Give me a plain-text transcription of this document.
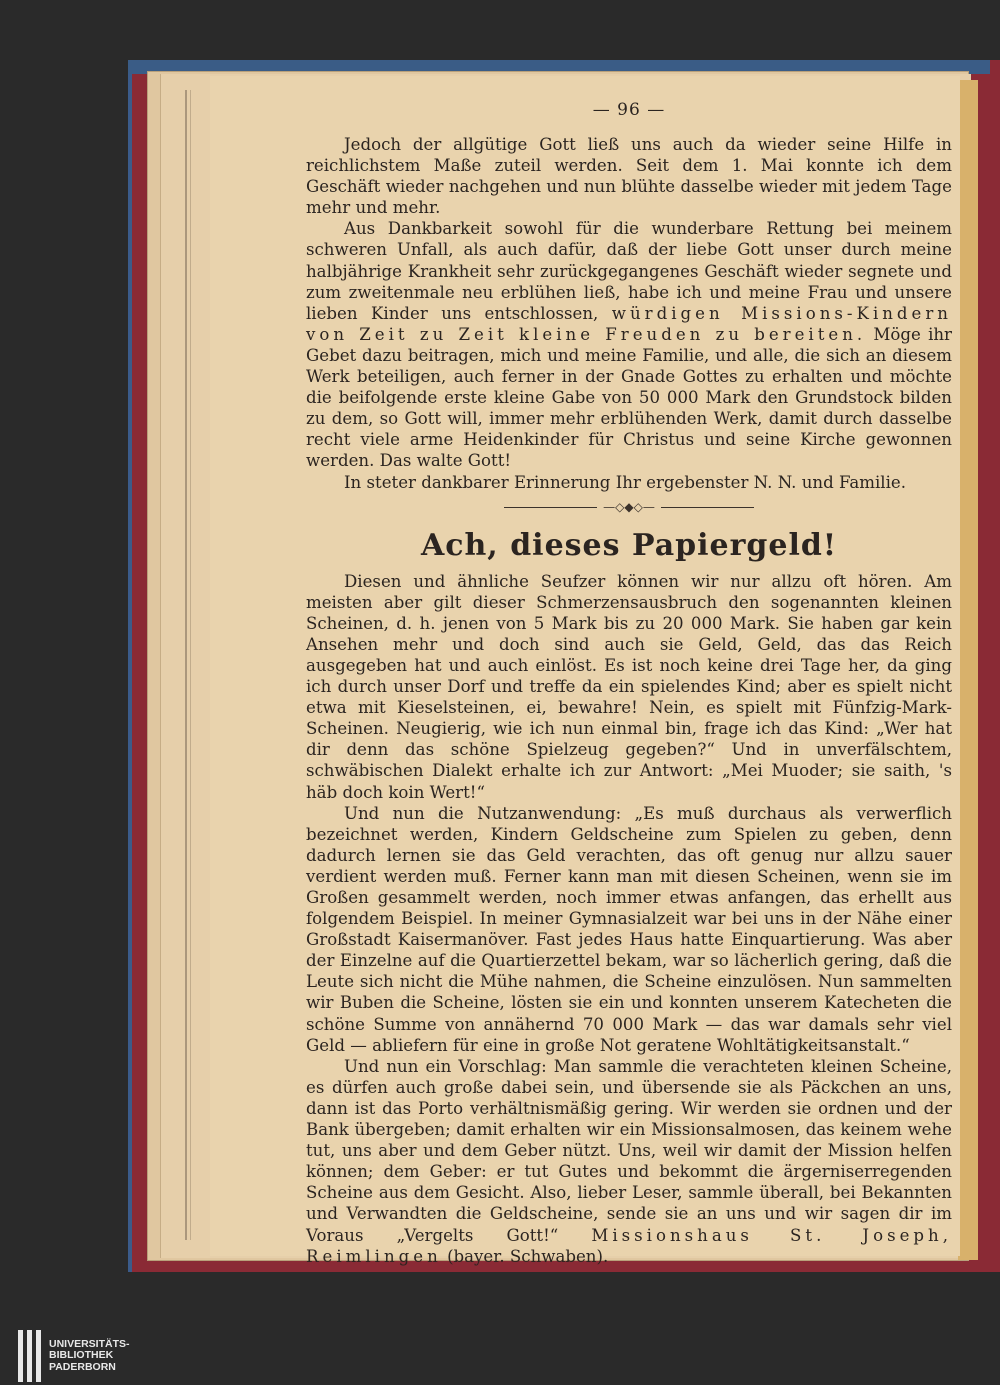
— 96 —

Jedoch der allgütige Gott ließ uns auch da wieder seine Hilfe in reichlichstem Maße zuteil werden. Seit dem 1. Mai konnte ich dem Geschäft wieder nachgehen und nun blühte dasselbe wieder mit jedem Tage mehr und mehr.

Aus Dankbarkeit sowohl für die wunderbare Rettung bei meinem schweren Unfall, als auch dafür, daß der liebe Gott unser durch meine halbjährige Krankheit sehr zurückgegangenes Geschäft wieder segnete und zum zweitenmale neu erblühen ließ, habe ich und meine Frau und unsere lieben Kinder uns entschlossen, würdigen Missions-Kindern von Zeit zu Zeit kleine Freuden zu bereiten. Möge ihr Gebet dazu beitragen, mich und meine Familie, und alle, die sich an diesem Werk beteiligen, auch ferner in der Gnade Gottes zu erhalten und möchte die beifolgende erste kleine Gabe von 50 000 Mark den Grundstock bilden zu dem, so Gott will, immer mehr erblühenden Werk, damit durch dasselbe recht viele arme Heidenkinder für Christus und seine Kirche gewonnen werden. Das walte Gott!

In steter dankbarer Erinnerung Ihr ergebenster N. N. und Familie.

—◇◆◇—
Ach, dieses Papiergeld!

Diesen und ähnliche Seufzer können wir nur allzu oft hören. Am meisten aber gilt dieser Schmerzensausbruch den sogenannten kleinen Scheinen, d. h. jenen von 5 Mark bis zu 20 000 Mark. Sie haben gar kein Ansehen mehr und doch sind auch sie Geld, Geld, das das Reich ausgegeben hat und auch einlöst. Es ist noch keine drei Tage her, da ging ich durch unser Dorf und treffe da ein spielendes Kind; aber es spielt nicht etwa mit Kieselsteinen, ei, bewahre! Nein, es spielt mit Fünfzig-Mark-Scheinen. Neugierig, wie ich nun einmal bin, frage ich das Kind: „Wer hat dir denn das schöne Spielzeug gegeben?“ Und in unverfälschtem, schwäbischen Dialekt erhalte ich zur Antwort: „Mei Muoder; sie saith, 's häb doch koin Wert!“

Und nun die Nutzanwendung: „Es muß durchaus als verwerflich bezeichnet werden, Kindern Geldscheine zum Spielen zu geben, denn dadurch lernen sie das Geld verachten, das oft genug nur allzu sauer verdient werden muß. Ferner kann man mit diesen Scheinen, wenn sie im Großen gesammelt werden, noch immer etwas anfangen, das erhellt aus folgendem Beispiel. In meiner Gymnasialzeit war bei uns in der Nähe einer Großstadt Kaisermanöver. Fast jedes Haus hatte Einquartierung. Was aber der Einzelne auf die Quartierzettel bekam, war so lächerlich gering, daß die Leute sich nicht die Mühe nahmen, die Scheine einzulösen. Nun sammelten wir Buben die Scheine, lösten sie ein und konnten unserem Katecheten die schöne Summe von annähernd 70 000 Mark — das war damals sehr viel Geld — abliefern für eine in große Not geratene Wohltätigkeitsanstalt.“

Und nun ein Vorschlag: Man sammle die verachteten kleinen Scheine, es dürfen auch große dabei sein, und übersende sie als Päckchen an uns, dann ist das Porto verhältnismäßig gering. Wir werden sie ordnen und der Bank übergeben; damit erhalten wir ein Missionsalmosen, das keinem wehe tut, uns aber und dem Geber nützt. Uns, weil wir damit der Mission helfen können; dem Geber: er tut Gutes und bekommt die ärgerniserregenden Scheine aus dem Gesicht. Also, lieber Leser, sammle überall, bei Bekannten und Verwandten die Geldscheine, sende sie an uns und wir sagen dir im Voraus „Vergelts Gott!“ Missionshaus St. Joseph, Reimlingen (bayer. Schwaben).

UNIVERSITÄTS-
BIBLIOTHEK
PADERBORN
